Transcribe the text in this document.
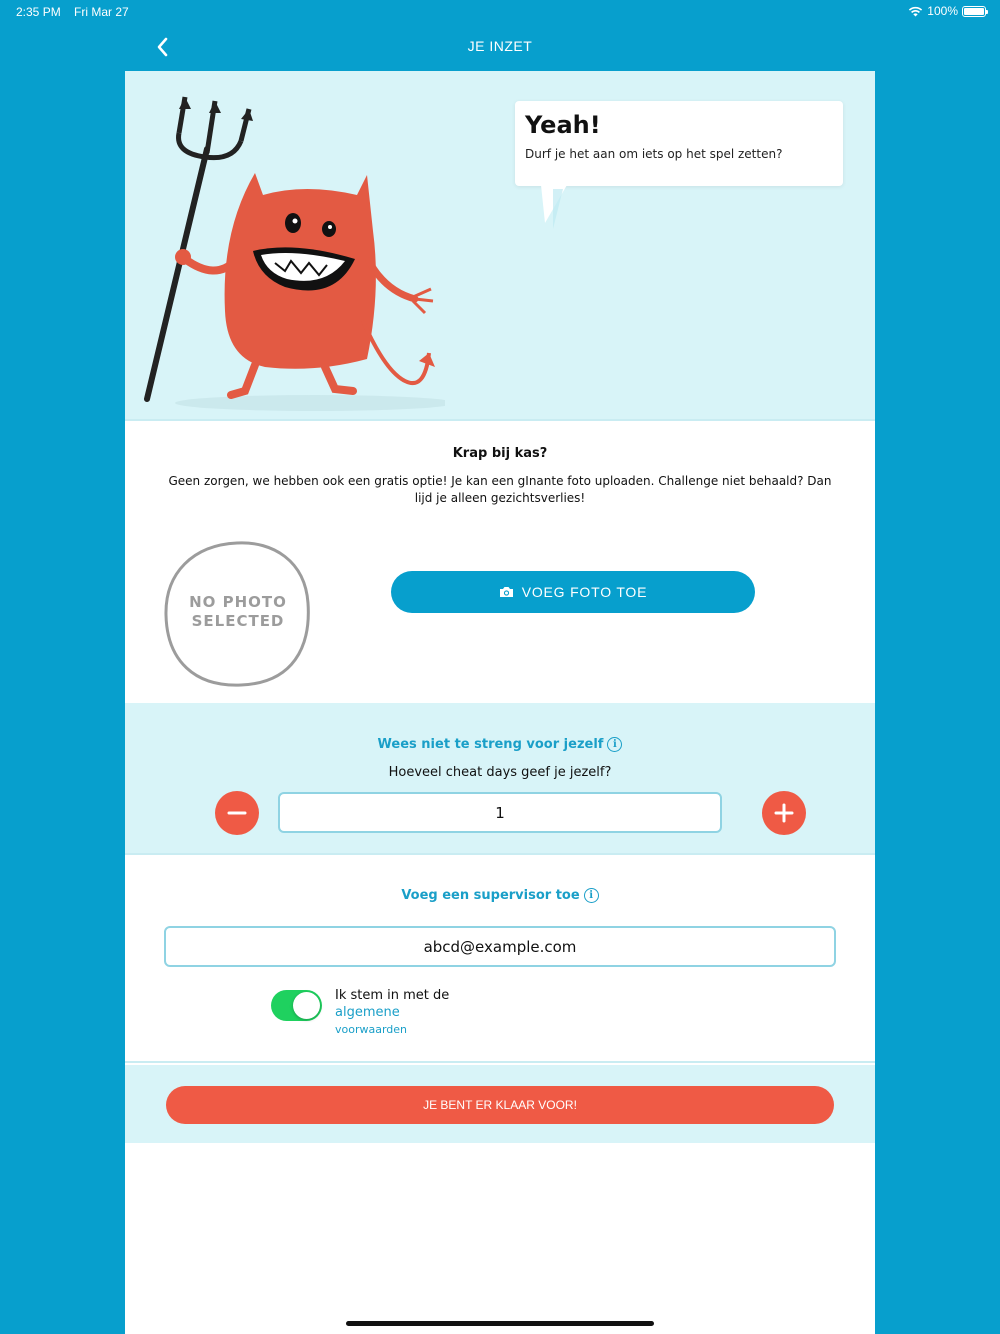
2:35 PM Fri Mar 27	100%
JE INZET
Yeah!
Durf je het aan om iets op het spel zetten?
Krap bij kas?
Geen zorgen, we hebben ook een gratis optie! Je kan een gInante foto uploaden. Challenge niet behaald? Dan lijd je alleen gezichtsverlies!
NO PHOTO
SELECTED
VOEG FOTO TOE
Wees niet te streng voor jezelf i
Hoeveel cheat days geef je jezelf?
1
Voeg een supervisor toe i
abcd@example.com
Ik stem in met de
algemene
voorwaarden
JE BENT ER KLAAR VOOR!
